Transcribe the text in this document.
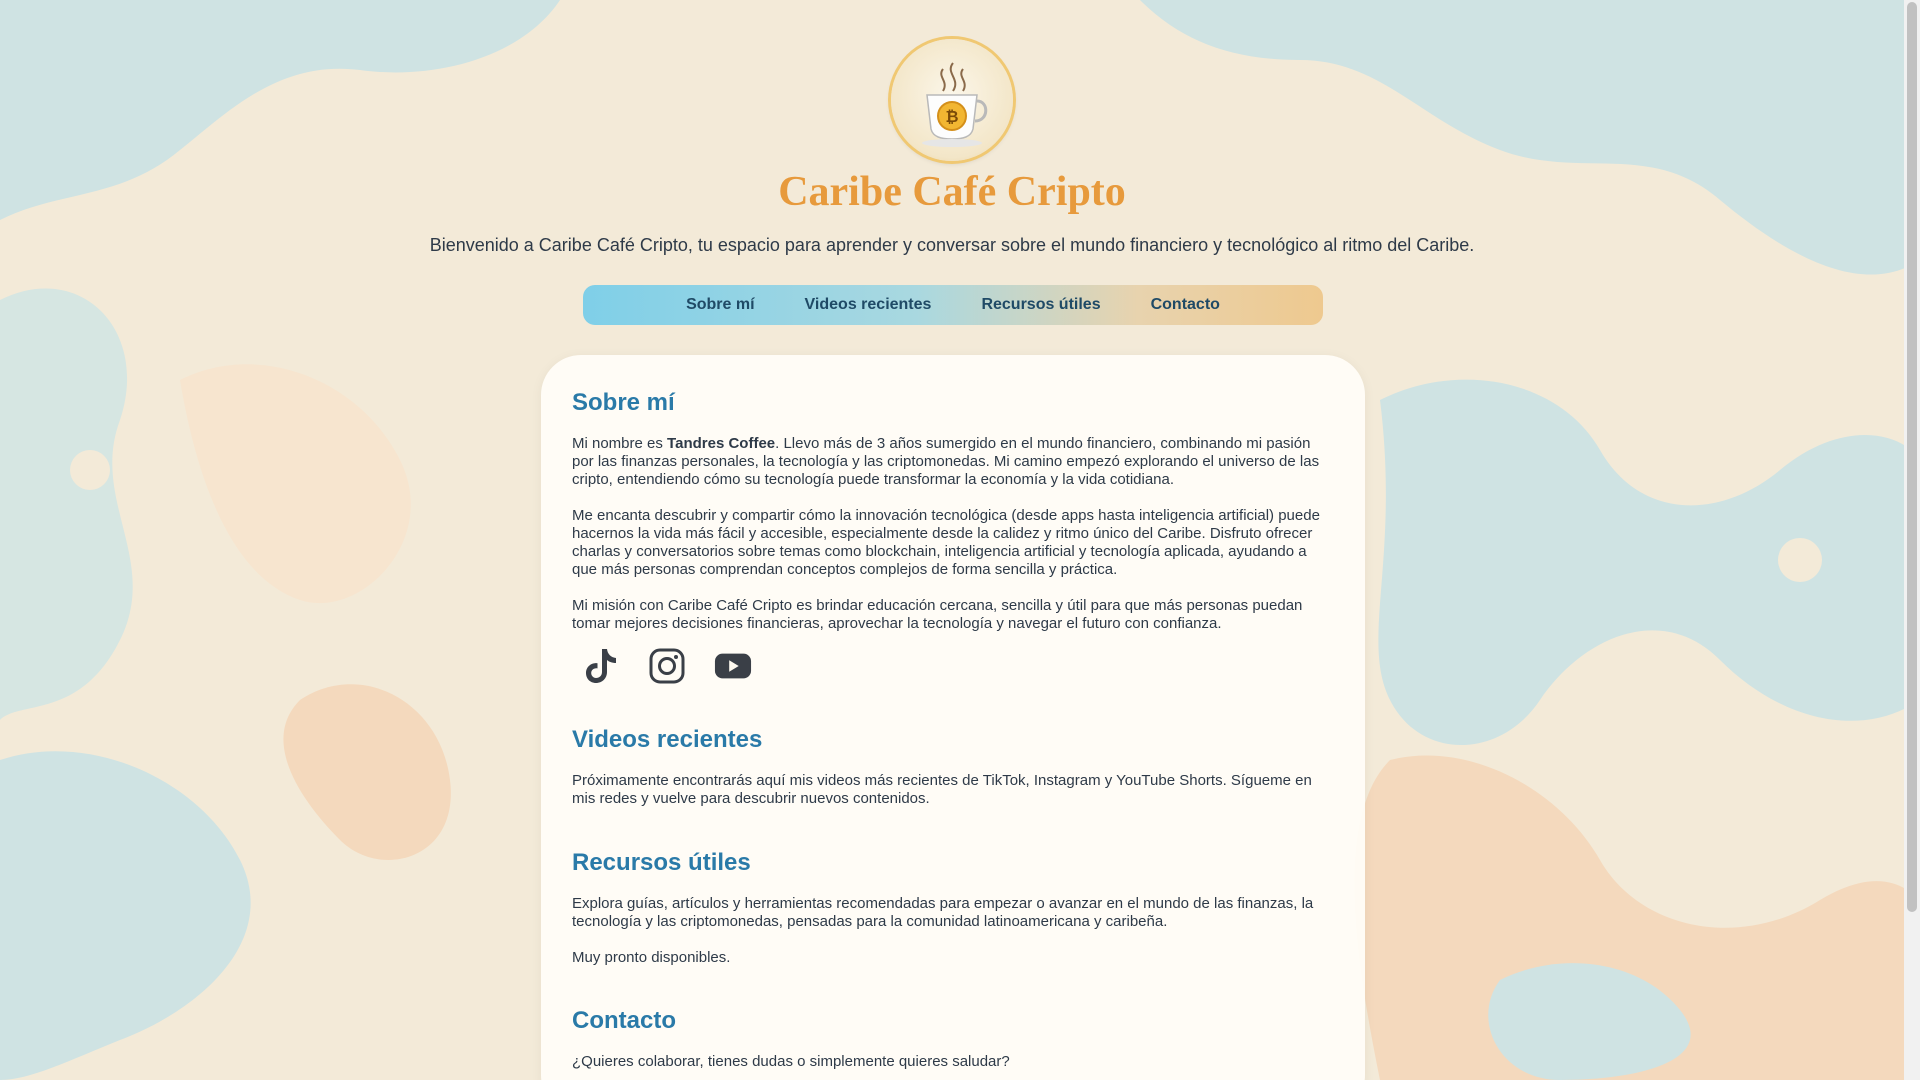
₿
Caribe Café Cripto

Bienvenido a Caribe Café Cripto, tu espacio para aprender y conversar sobre el mundo financiero y tecnológico al ritmo del Caribe.

Sobre mí	Videos recientes	Recursos útiles	Contacto
Sobre mí

Mi nombre es Tandres Coffee. Llevo más de 3 años sumergido en el mundo financiero, combinando mi pasión por las finanzas personales, la tecnología y las criptomonedas. Mi camino empezó explorando el universo de las cripto, entendiendo cómo su tecnología puede transformar la economía y la vida cotidiana.

Me encanta descubrir y compartir cómo la innovación tecnológica (desde apps hasta inteligencia artificial) puede hacernos la vida más fácil y accesible, especialmente desde la calidez y ritmo único del Caribe. Disfruto ofrecer charlas y conversatorios sobre temas como blockchain, inteligencia artificial y tecnología aplicada, ayudando a que más personas comprendan conceptos complejos de forma sencilla y práctica.

Mi misión con Caribe Café Cripto es brindar educación cercana, sencilla y útil para que más personas puedan tomar mejores decisiones financieras, aprovechar la tecnología y navegar el futuro con confianza.

Videos recientes

Próximamente encontrarás aquí mis videos más recientes de TikTok, Instagram y YouTube Shorts. Sígueme en mis redes y vuelve para descubrir nuevos contenidos.

Recursos útiles

Explora guías, artículos y herramientas recomendadas para empezar o avanzar en el mundo de las finanzas, la tecnología y las criptomonedas, pensadas para la comunidad latinoamericana y caribeña.

Muy pronto disponibles.

Contacto

¿Quieres colaborar, tienes dudas o simplemente quieres saludar?
